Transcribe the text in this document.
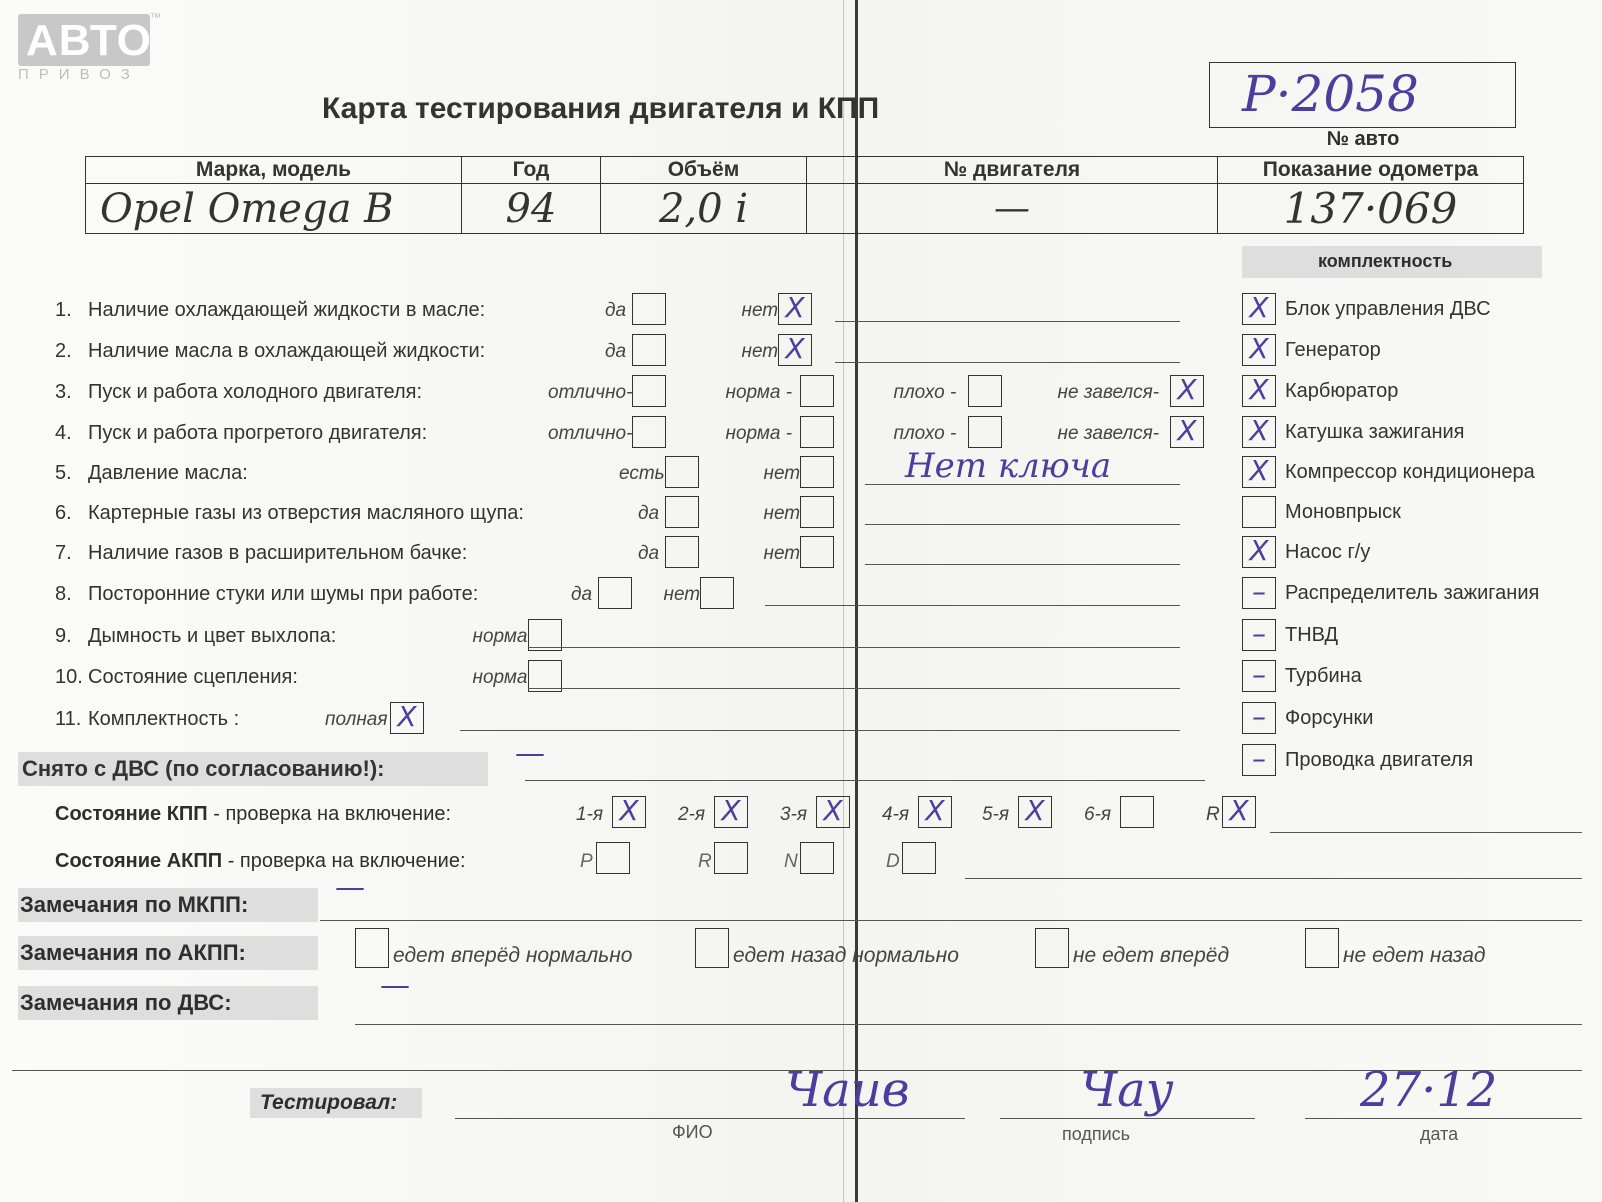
АВТО
™
ПРИВОЗ
Карта тестирования двигателя и КПП	P·2058
№ авто
Марка, модель	Год	Объём	№ двигателя	Показание одометра
Opel Omega B	94	2,0 i	—	137·069
комплектность
1. Наличие охлаждающей жидкости в масле:	да	нет X
2. Наличие масла в охлаждающей жидкости:	да	нет X
3. Пуск и работа холодного двигателя:	отлично-	норма -	плохо -	не завелся- X
4. Пуск и работа прогретого двигателя:	отлично-	норма -	плохо -	не завелся- X
5. Давление масла:	есть	нет	Нет ключа
6. Картерные газы из отверстия масляного щупа:	да	нет
7. Наличие газов в расширительном бачке:	да	нет
8. Посторонние стуки или шумы при работе:	да	нет
9. Дымность и цвет выхлопа:	норма
10. Состояние сцепления:	норма
11. Комплектность :	полная X
X Блок управления ДВС
X Генератор
X Карбюратор
X Катушка зажигания
X Компрессор кондиционера
Моновпрыск
X Насос г/у
– Распределитель зажигания
– ТНВД
– Турбина
– Форсунки
– Проводка двигателя
Снято с ДВС (по согласованию!):	—
Состояние КПП - проверка на включение:	1-я X	2-я X	3-я X	4-я X	5-я X	6-я	R X
Состояние АКПП - проверка на включение:	P	R	N	D
Замечания по МКПП:	—
Замечания по АКПП:	едет вперёд нормально	едет назад нормально	не едет вперёд	не едет назад
Замечания по ДВС:	—
Тестировал:	Чаив
ФИО
Чау
подпись
27·12
дата
